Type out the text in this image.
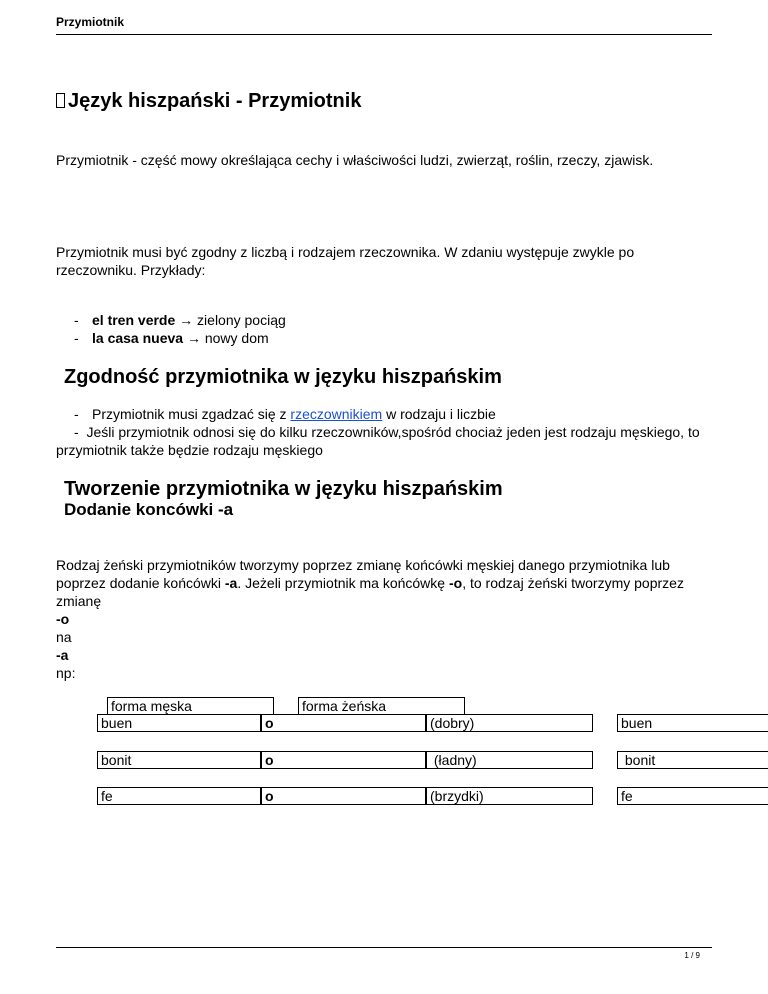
Przymiotnik
Język hiszpański - Przymiotnik

Przymiotnik - część mowy określająca cechy i właściwości ludzi, zwierząt, roślin, rzeczy, zjawisk.

Przymiotnik musi być zgodny z liczbą i rodzajem rzeczownika. W zdaniu występuje zwykle po rzeczowniku. Przykłady:

- el tren verde → zielony pociąg
- la casa nueva → nowy dom
Zgodność przymiotnika w języku hiszpańskim
- Przymiotnik musi zgadzać się z rzeczownikiem w rodzaju i liczbie
-  Jeśli przymiotnik odnosi się do kilku rzeczowników,spośród chociaż jeden jest rodzaju męskiego, to przymiotnik także będzie rodzaju męskiego
Tworzenie przymiotnika w języku hiszpańskim
Dodanie koncówki -a

Rodzaj żeński przymiotników tworzymy poprzez zmianę końcówki męskiej danego przymiotnika lub poprzez dodanie końcówki -a. Jeżeli przymiotnik ma końcówkę -o, to rodzaj żeński tworzymy poprzez zmianę

-o
na
-a
np:
forma męska	forma żeńska
buen	o	(dobry)	buen
bonit	o	(ładny)	bonit
fe	o	(brzydki)	fe
1 / 9
